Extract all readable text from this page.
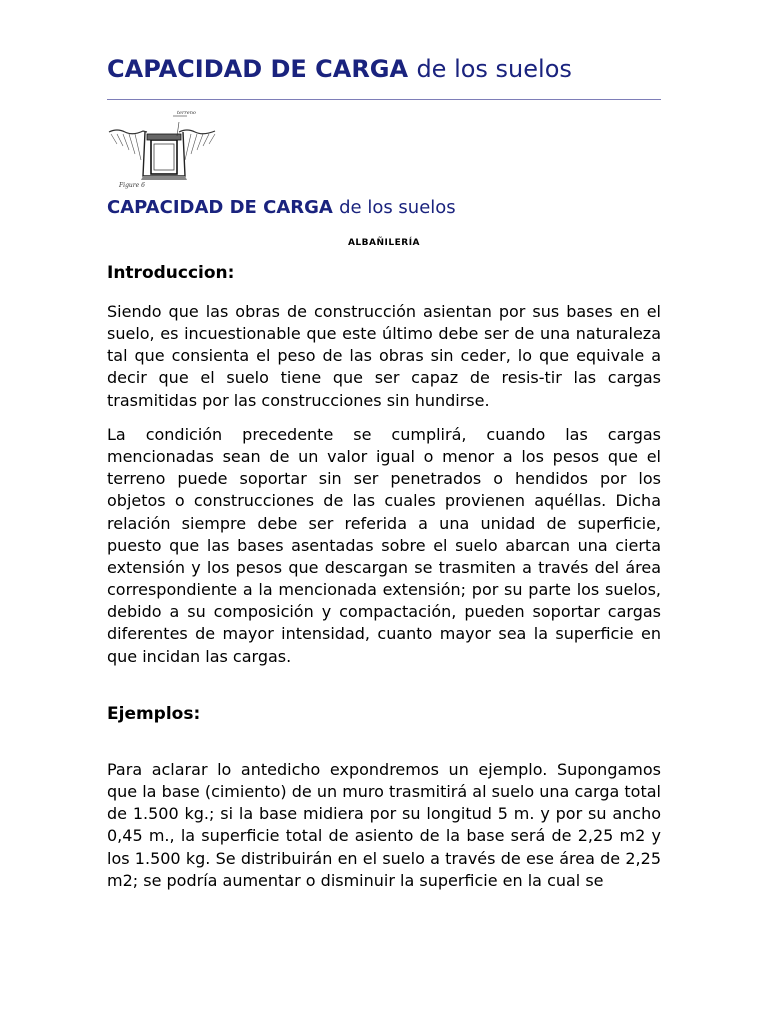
CAPACIDAD DE CARGA de los suelos
terreno
Figure 6
CAPACIDAD DE CARGA de los suelos
ALBAÑILERÍA
Introduccion:

Siendo que las obras de construcción asientan por sus bases en el suelo, es incuestionable que este último debe ser de una naturaleza tal que consienta el peso de las obras sin ceder, lo que equivale a decir que el suelo tiene que ser capaz de resis-tir las cargas trasmitidas por las construcciones sin hundirse.

La condición precedente se cumplirá, cuando las cargas mencionadas sean de un valor igual o menor a los pesos que el terreno puede soportar sin ser penetrados o hendidos por los objetos o construcciones de las cuales provienen aquéllas. Dicha relación siempre debe ser referida a una unidad de superficie, puesto que las bases asentadas sobre el suelo abarcan una cierta extensión y los pesos que descargan se trasmiten a través del área correspondiente a la mencionada extensión; por su parte los suelos, debido a su composición y compactación, pueden soportar cargas diferentes de mayor intensidad, cuanto mayor sea la superficie en que incidan las cargas.

Ejemplos:

Para aclarar lo antedicho expondremos un ejemplo. Supongamos que la base (cimiento) de un muro trasmitirá al suelo una carga total de 1.500 kg.; si la base midiera por su longitud 5 m. y por su ancho 0,45 m., la superficie total de asiento de la base será de 2,25 m2 y los 1.500 kg. Se distribuirán en el suelo a través de ese área de 2,25 m2; se podría aumentar o disminuir la superficie en la cual se
